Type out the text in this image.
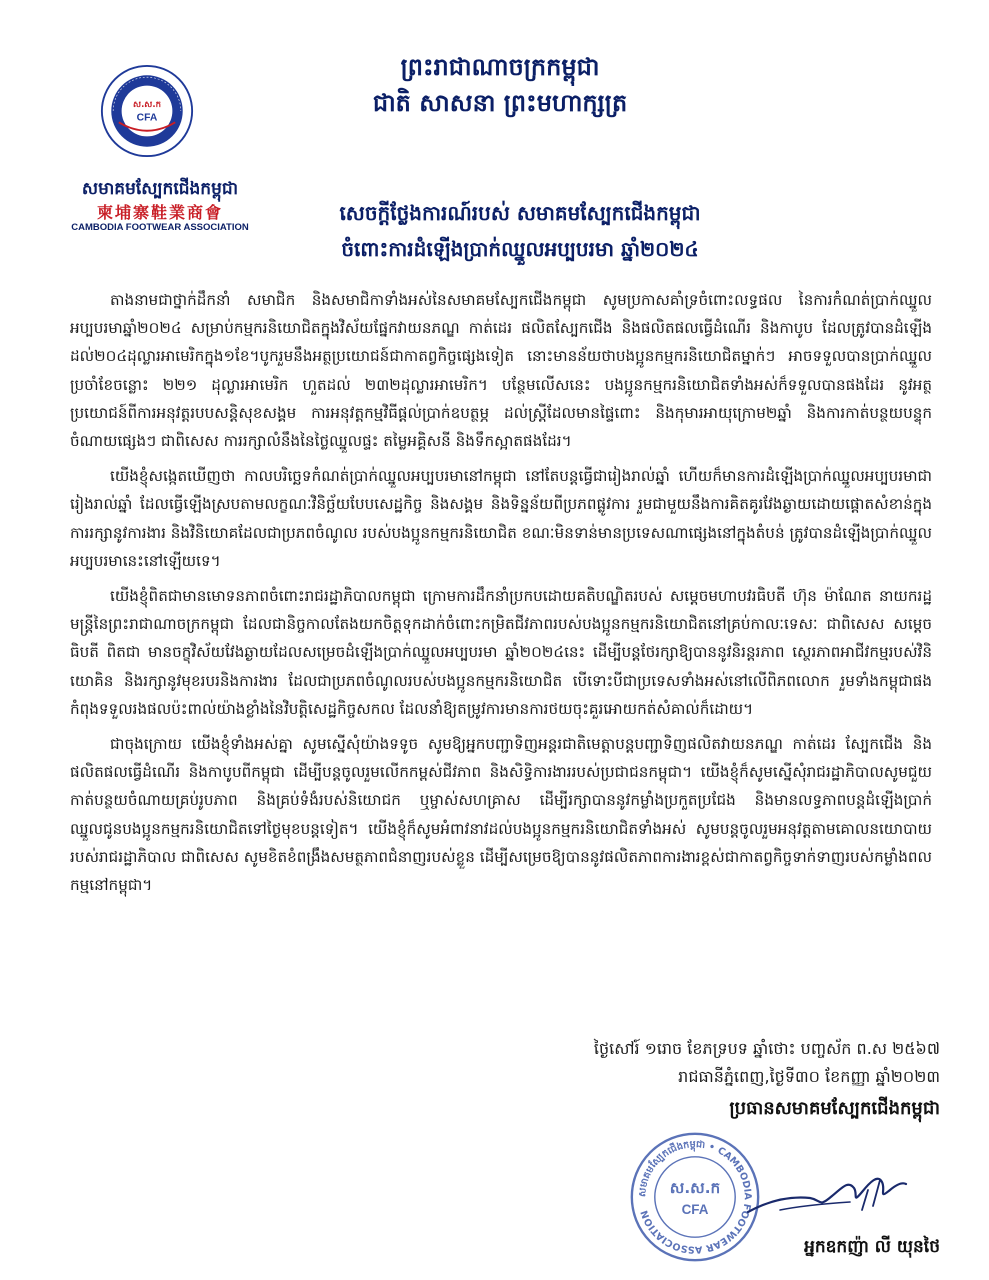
ព្រះរាជាណាចក្រកម្ពុជា
ជាតិ សាសនា ព្រះមហាក្សត្រ
ស.ស.ក
CFA
សមាគមស្បែកជើងកម្ពុជា
柬埔寨鞋業商會
CAMBODIA FOOTWEAR ASSOCIATION
សេចក្ដីថ្លែងការណ៍របស់ សមាគមស្បែកជើងកម្ពុជា
ចំពោះការដំឡើងប្រាក់ឈ្នួលអប្បបរមា ឆ្នាំ២០២៤

តាងនាមជាថ្នាក់ដឹកនាំ សមាជិក និងសមាជិកាទាំងអស់នៃសមាគមស្បែកជើងកម្ពុជា សូមប្រកាសគាំទ្រចំពោះលទ្ធផល នៃការកំណត់ប្រាក់ឈ្នួលអប្បបរមាឆ្នាំ២០២៤ សម្រាប់កម្មករនិយោជិតក្នុងវិស័យផ្នែកវាយនភណ្ឌ កាត់ដេរ ផលិតស្បែកជើង និងផលិតផលធ្វើដំណើរ និងកាបូប ដែលត្រូវបានដំឡើងដល់២០៤ដុល្លារអាមេរិកក្នុង១ខែ។បូករួមនឹងអត្ថប្រយោជន៍ជាកាតព្វកិច្ចផ្សេងទៀត នោះមានន័យថាបងប្អូនកម្មករនិយោជិតម្នាក់ៗ អាចទទួលបានប្រាក់ឈ្នួលប្រចាំខែចន្លោះ ២២១ ដុល្លារអាមេរិក ហួតដល់ ២៣២ដុល្លារអាមេរិក។ បន្ថែមលើសនេះ បងប្អូនកម្មករនិយោជិតទាំងអស់ក៏ទទួលបានផងដែរ នូវអត្ថប្រយោជន៍ពីការអនុវត្តរបបសន្តិសុខសង្គម ការអនុវត្តកម្មវិធីផ្ដល់ប្រាក់ឧបត្ថម្ភ ដល់ស្ត្រីដែលមានផ្ទៃពោះ និងកុមារអាយុក្រោម២ឆ្នាំ និងការកាត់បន្ថយបន្ទុកចំណាយផ្សេងៗ ជាពិសេស ការរក្សាលំនឹងនៃថ្លៃឈ្នួលផ្ទះ តម្លៃអគ្គិសនី និងទឹកស្អាតផងដែរ។

យើងខ្ញុំសង្កេតឃើញថា កាលបរិច្ឆេទកំណត់ប្រាក់ឈ្នួលអប្បបរមានៅកម្ពុជា នៅតែបន្តធ្វើជារៀងរាល់ឆ្នាំ ហើយក៏មានការដំឡើងប្រាក់ឈ្នួលអប្បបរមាជារៀងរាល់ឆ្នាំ ដែលធ្វើឡើងស្របតាមលក្ខណៈវិនិច្ឆ័យបែបសេដ្ឋកិច្ច និងសង្គម និងទិន្នន័យពីប្រភពផ្លូវការ រួមជាមួយនឹងការគិតគូរវែងឆ្ងាយដោយផ្ដោតសំខាន់ក្នុងការរក្សានូវការងារ និងវិនិយោគដែលជាប្រភពចំណូល របស់បងប្អូនកម្មករនិយោជិត ខណៈមិនទាន់មានប្រទេសណាផ្សេងនៅក្នុងតំបន់ ត្រូវបានដំឡើងប្រាក់ឈ្នួលអប្បបរមានេះនៅឡើយទេ។

យើងខ្ញុំពិតជាមានមោទនភាពចំពោះរាជរដ្ឋាភិបាលកម្ពុជា ក្រោមការដឹកនាំប្រកបដោយគតិបណ្ឌិតរបស់ សម្ដេចមហាបវរធិបតី ហ៊ុន ម៉ាណែត នាយករដ្ឋមន្ត្រីនៃព្រះរាជាណាចក្រកម្ពុជា ដែលជានិច្ចកាលតែងយកចិត្តទុកដាក់ចំពោះកម្រិតជីវភាពរបស់បងប្អូនកម្មករនិយោជិតនៅគ្រប់កាលៈទេសៈ ជាពិសេស សម្ដេចធិបតី ពិតជា មានចក្ខុវិស័យវែងឆ្ងាយដែលសម្រេចដំឡើងប្រាក់ឈ្នួលអប្បបរមា ឆ្នាំ២០២៤នេះ ដើម្បីបន្តថែរក្សាឱ្យបាននូវនិរន្តរភាព ស្ថេរភាពអាជីវកម្មរបស់វិនិយោគិន និងរក្សានូវមុខរបរនិងការងារ ដែលជាប្រភពចំណូលរបស់បងប្អូនកម្មករនិយោជិត បើទោះបីជាប្រទេសទាំងអស់នៅលើពិភពលោក រួមទាំងកម្ពុជាផងកំពុងទទួលរងផលប៉ះពាល់យ៉ាងខ្លាំងនៃវិបត្តិសេដ្ឋកិច្ចសកល ដែលនាំឱ្យតម្រូវការមានការថយចុះគួរអោយកត់សំគាល់ក៏ដោយ។

ជាចុងក្រោយ យើងខ្ញុំទាំងអស់គ្នា សូមស្នើសុំយ៉ាងទទូច សូមឱ្យអ្នកបញ្ជាទិញអន្តរជាតិមេត្តាបន្តបញ្ជាទិញផលិតវាយនភណ្ឌ កាត់ដេរ ស្បែកជើង និងផលិតផលធ្វើដំណើរ និងកាបូបពីកម្ពុជា ដើម្បីបន្តចូលរួមលើកកម្ពស់ជីវភាព និងសិទ្ធិការងាររបស់ប្រជាជនកម្ពុជា។ យើងខ្ញុំក៏សូមស្នើសុំរាជរដ្ឋាភិបាលសូមជួយកាត់បន្ថយចំណាយគ្រប់រូបភាព និងគ្រប់ទំងំរបស់និយោជក ឬម្ចាស់សហគ្រាស ដើម្បីរក្សាបាននូវកម្លាំងប្រកួតប្រជែង និងមានលទ្ធភាពបន្តដំឡើងប្រាក់ឈ្នួលជូនបងប្អូនកម្មករនិយោជិតទៅថ្ងៃមុខបន្តទៀត។ យើងខ្ញុំក៏សូមអំពាវនាវដល់បងប្អូនកម្មករនិយោជិតទាំងអស់ សូមបន្តចូលរួមអនុវត្តតាមគោលនយោបាយរបស់រាជរដ្ឋាភិបាល ជាពិសេស សូមខិតខំពង្រឹងសមត្ថភាពជំនាញរបស់ខ្លួន ដើម្បីសម្រេចឱ្យបាននូវផលិតភាពការងារខ្ពស់ជាកាតព្វកិច្ចទាក់ទាញរបស់កម្លាំងពលកម្មនៅកម្ពុជា។

ថ្ងៃសៅរ៍ ១រោច ខែភទ្របទ ឆ្នាំថោះ បញ្ចស័ក ព.ស ២៥៦៧
រាជធានីភ្នំពេញ,ថ្ងៃទី៣០ ខែកញ្ញា ឆ្នាំ២០២៣
ប្រធានសមាគមស្បែកជើងកម្ពុជា
សមាគមស្បែកជើងកម្ពុជា • CAMBODIA FOOTWEAR ASSOCIATION
ស.ស.ក
CFA
អ្នកឧកញ៉ា លី យុនថៃ
